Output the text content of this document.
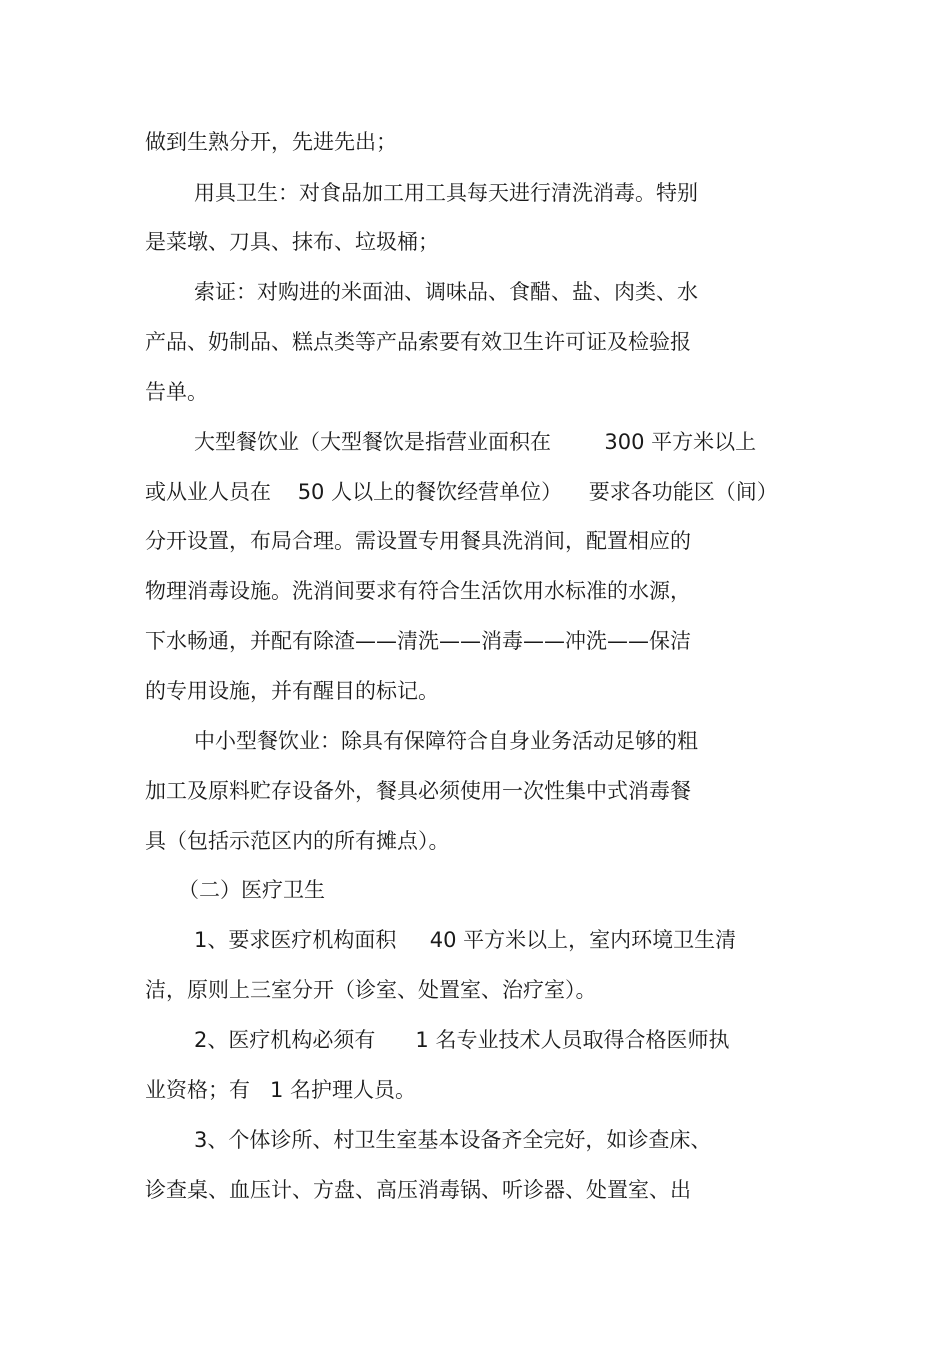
做到生熟分开，先进先出；
用具卫生：对食品加工用工具每天进行清洗消毒。特别
是菜墩、刀具、抹布、垃圾桶；
索证：对购进的米面油、调味品、食醋、盐、肉类、水
产品、奶制品、糕点类等产品索要有效卫生许可证及检验报
告单。
大型餐饮业（大型餐饮是指营业面积在        300 平方米以上
或从业人员在    50 人以上的餐饮经营单位）    要求各功能区（间）
分开设置，布局合理。需设置专用餐具洗消间，配置相应的
物理消毒设施。洗消间要求有符合生活饮用水标准的水源，
下水畅通，并配有除渣——清洗——消毒——冲洗——保洁
的专用设施，并有醒目的标记。
中小型餐饮业：除具有保障符合自身业务活动足够的粗
加工及原料贮存设备外，餐具必须使用一次性集中式消毒餐
具（包括示范区内的所有摊点）。
（二）医疗卫生
1、要求医疗机构面积     40 平方米以上，室内环境卫生清
洁，原则上三室分开（诊室、处置室、治疗室）。
2、医疗机构必须有      1 名专业技术人员取得合格医师执
业资格；有   1 名护理人员。
3、个体诊所、村卫生室基本设备齐全完好，如诊查床、
诊查桌、血压计、方盘、高压消毒锅、听诊器、处置室、出
